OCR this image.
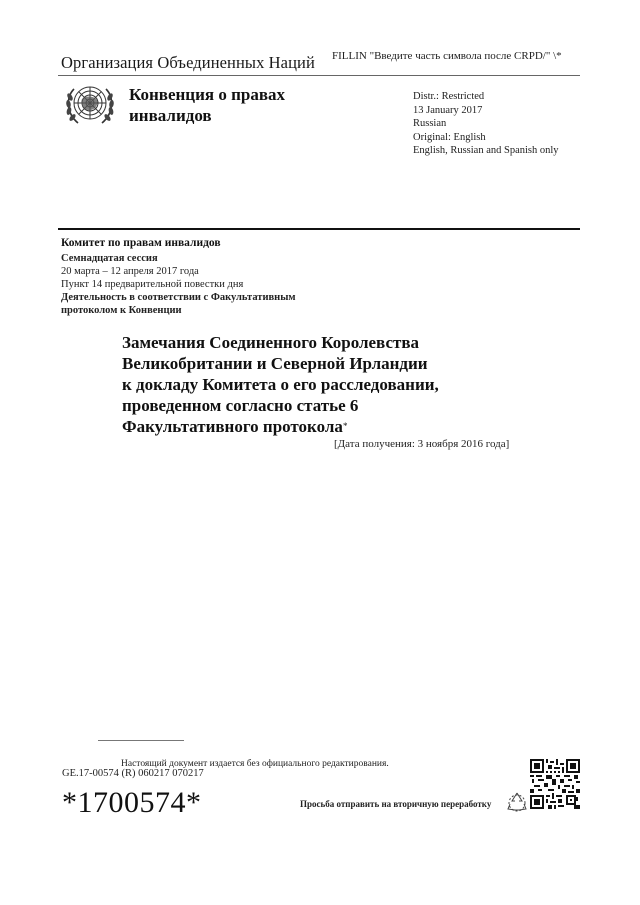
Организация Объединенных Наций FILLIN "Введите часть символа после CRPD/" \*
Конвенция о правах
инвалидов
Distr.: Restricted
13 January 2017
Russian
Original: English
English, Russian and Spanish only
Комитет по правам инвалидов
Семнадцатая сессия
20 марта – 12 апреля 2017 года
Пункт 14 предварительной повестки дня
Деятельность в соответствии с Факультативным
протоколом к Конвенции
Замечания Соединенного Королевства
Великобритании и Северной Ирландии
к докладу Комитета о его расследовании,
проведенном согласно статье 6
Факультативного протокола*
[Дата получения: 3 ноября 2016 года]
Настоящий документ издается без официального редактирования.
GE.17-00574 (R) 060217 070217
*1700574*	Просьба отправить на вторичную переработку
